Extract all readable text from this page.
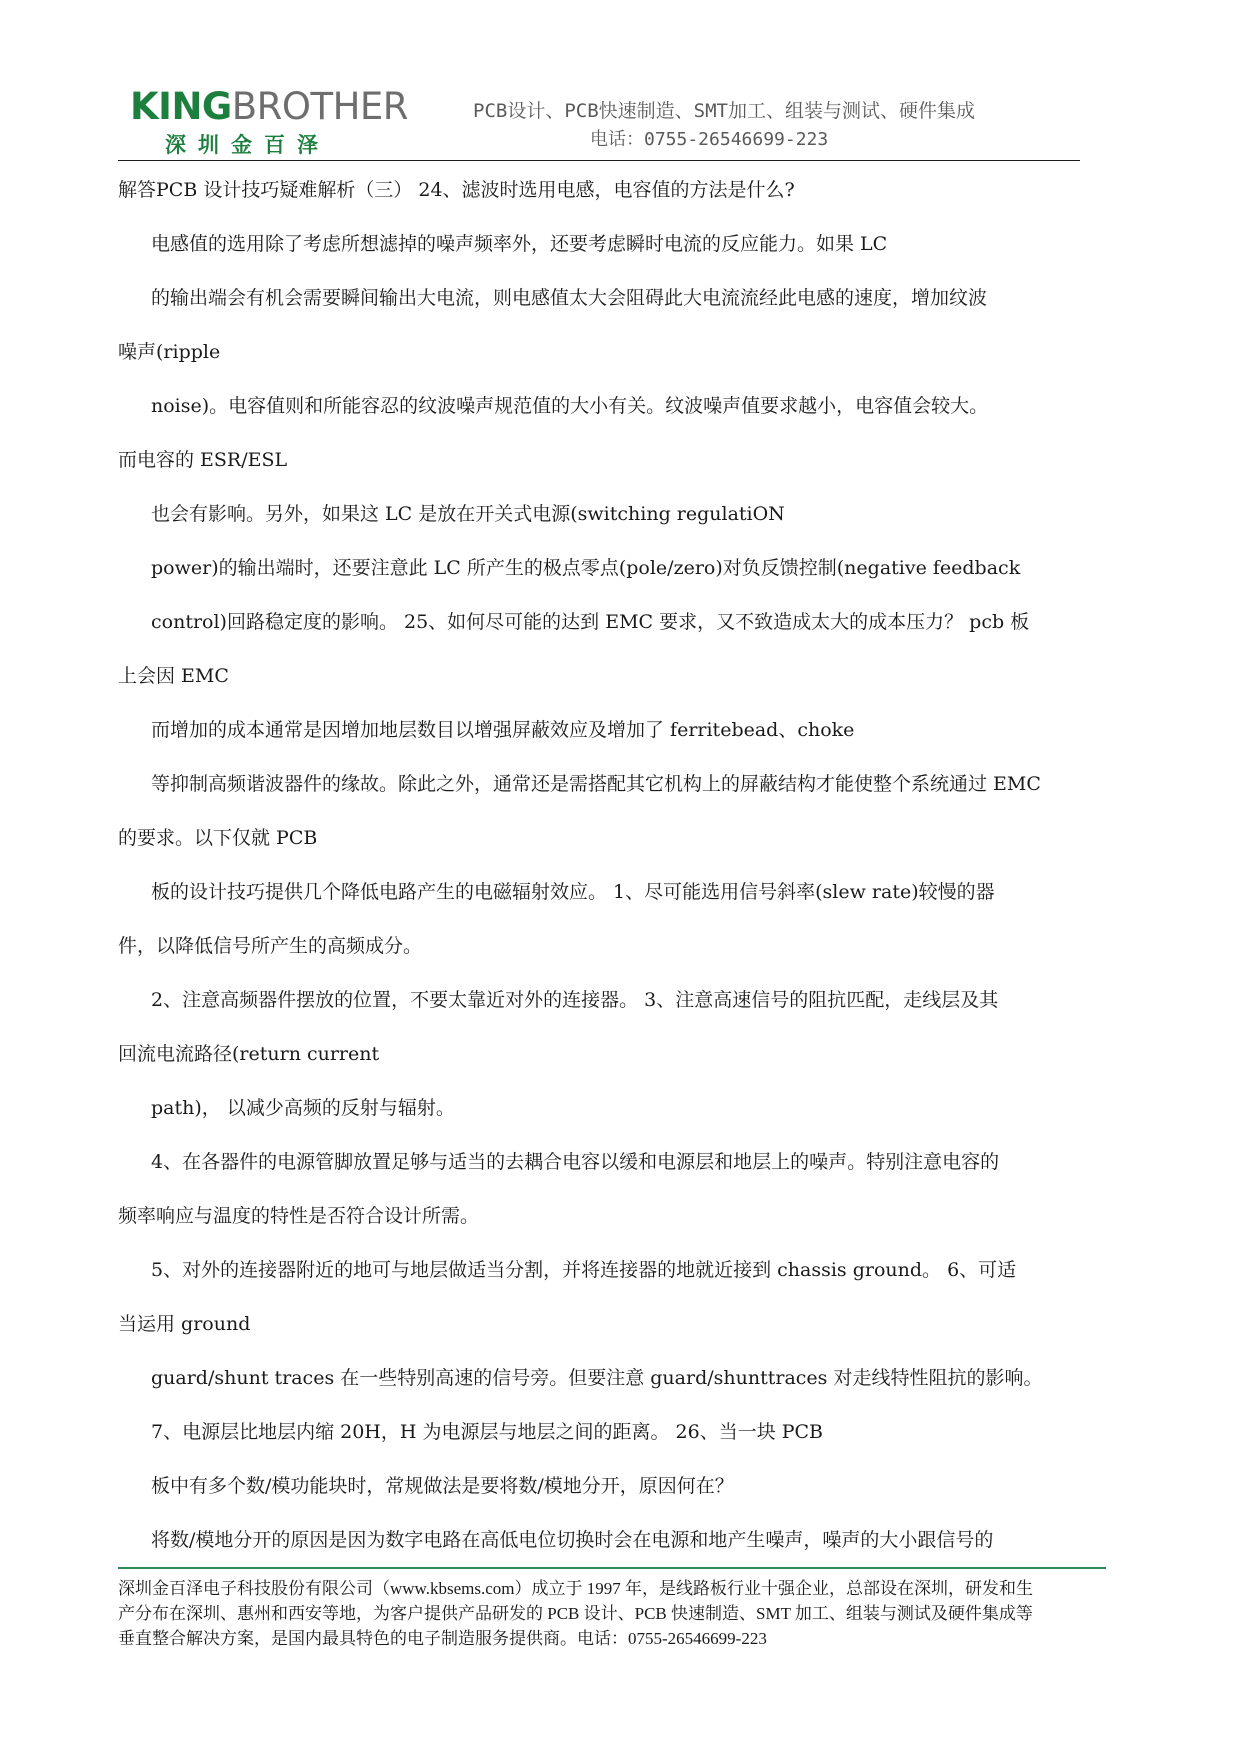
KINGBROTHER
深圳金百泽
PCB设计、PCB快速制造、SMT加工、组装与测试、硬件集成
电话：0755-26546699-223
解答PCB 设计技巧疑难解析（三） 24、滤波时选用电感，电容值的方法是什么?
电感值的选用除了考虑所想滤掉的噪声频率外，还要考虑瞬时电流的反应能力。如果 LC
的输出端会有机会需要瞬间输出大电流，则电感值太大会阻碍此大电流流经此电感的速度，增加纹波
噪声(ripple
noise)。电容值则和所能容忍的纹波噪声规范值的大小有关。纹波噪声值要求越小，电容值会较大。
而电容的 ESR/ESL
也会有影响。另外，如果这 LC 是放在开关式电源(switching regulatiON
power)的输出端时，还要注意此 LC 所产生的极点零点(pole/zero)对负反馈控制(negative feedback
control)回路稳定度的影响。 25、如何尽可能的达到 EMC 要求，又不致造成太大的成本压力？ pcb 板
上会因 EMC
而增加的成本通常是因增加地层数目以增强屏蔽效应及增加了 ferritebead、choke
等抑制高频谐波器件的缘故。除此之外，通常还是需搭配其它机构上的屏蔽结构才能使整个系统通过 EMC
的要求。以下仅就 PCB
板的设计技巧提供几个降低电路产生的电磁辐射效应。 1、尽可能选用信号斜率(slew rate)较慢的器
件，以降低信号所产生的高频成分。
2、注意高频器件摆放的位置，不要太靠近对外的连接器。 3、注意高速信号的阻抗匹配，走线层及其
回流电流路径(return current
path)， 以减少高频的反射与辐射。
4、在各器件的电源管脚放置足够与适当的去耦合电容以缓和电源层和地层上的噪声。特别注意电容的
频率响应与温度的特性是否符合设计所需。
5、对外的连接器附近的地可与地层做适当分割，并将连接器的地就近接到 chassis ground。 6、可适
当运用 ground
guard/shunt traces 在一些特别高速的信号旁。但要注意 guard/shunttraces 对走线特性阻抗的影响。
7、电源层比地层内缩 20H，H 为电源层与地层之间的距离。 26、当一块 PCB
板中有多个数/模功能块时，常规做法是要将数/模地分开，原因何在？
将数/模地分开的原因是因为数字电路在高低电位切换时会在电源和地产生噪声，噪声的大小跟信号的
深圳金百泽电子科技股份有限公司（www.kbsems.com）成立于 1997 年，是线路板行业十强企业，总部设在深圳，研发和生
产分布在深圳、惠州和西安等地，为客户提供产品研发的 PCB 设计、PCB 快速制造、SMT 加工、组装与测试及硬件集成等
垂直整合解决方案，是国内最具特色的电子制造服务提供商。电话：0755-26546699-223
